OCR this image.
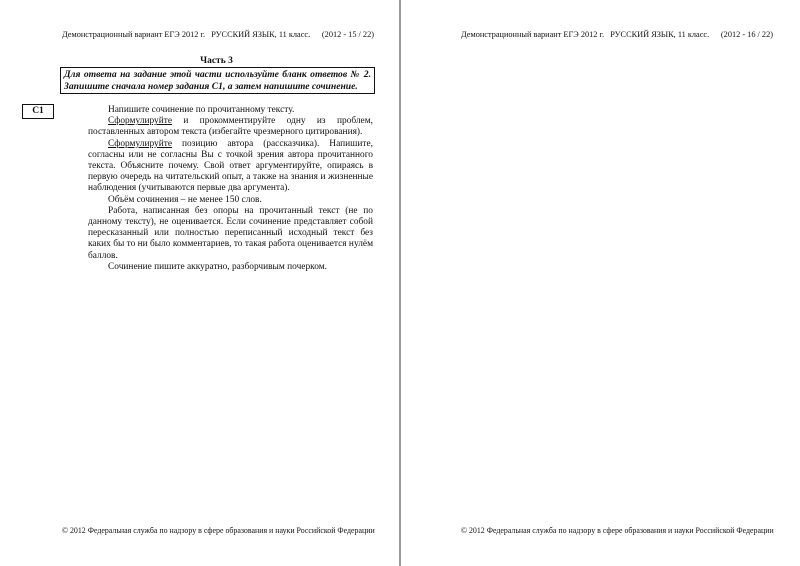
Демонстрационный вариант ЕГЭ 2012 г.   РУССКИЙ ЯЗЫК, 11 класс. (2012 - 15 / 22)
Часть 3
Для ответа на задание этой части используйте бланк ответов № 2. Запишите сначала номер задания С1, а затем напишите сочинение.
С1	Напишите сочинение по прочитанному тексту.

Сформулируйте и прокомментируйте одну из проблем, поставленных автором текста (избегайте чрезмерного цитирования).

Сформулируйте позицию автора (рассказчика). Напишите, согласны или не согласны Вы с точкой зрения автора прочитанного текста. Объясните почему. Свой ответ аргументируйте, опираясь в первую очередь на читательский опыт, а также на знания и жизненные наблюдения (учитываются первые два аргумента).

Объём сочинения – не менее 150 слов.

Работа, написанная без опоры на прочитанный текст (не по данному тексту), не оценивается. Если сочинение представляет собой пересказанный или полностью переписанный исходный текст без каких бы то ни было комментариев, то такая работа оценивается нулём баллов.

Сочинение пишите аккуратно, разборчивым почерком.

© 2012 Федеральная служба по надзору в сфере образования и науки Российской Федерации
Демонстрационный вариант ЕГЭ 2012 г.   РУССКИЙ ЯЗЫК, 11 класс. (2012 - 16 / 22)
© 2012 Федеральная служба по надзору в сфере образования и науки Российской Федерации
